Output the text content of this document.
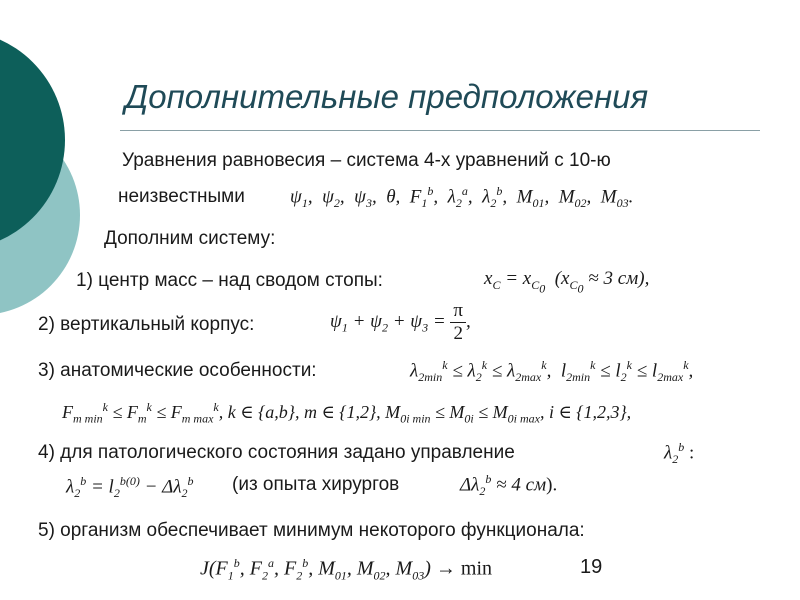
Дополнительные предположения
Уравнения равновесия – система 4-х уравнений с 10-ю
неизвестными $\psi_1$,  $\psi_2$,  $\psi_3$,  θ,  $F_1^b$,  $\lambda_2^a$,  $\lambda_2^b$,  $M_{01}$,  $M_{02}$,  $M_{03}$.
Дополним систему:
1) центр масс – над сводом стопы:	$x_C = x_{C_0}$  ($x_{C_0} \approx 3$ см),
2) вертикальный корпус:	$\psi_1 + \psi_2 + \psi_3 = \frac{\pi}{2}$ ,
3) анатомические особенности:	$\lambda_{2min}^k \le \lambda_2^k \le \lambda_{2max}^k$,  $l_{2min}^k \le l_2^k \le l_{2max}^k$,
$F_{m min}^k \le F_m^k \le F_{m max}^k$, k ∈ {a,b}, m ∈ {1,2}, $M_{0i min} \le M_{0i} \le M_{0i max}$, i ∈ {1,2,3},
4) для патологического состояния задано управление	$\lambda_2^b$ :
$\lambda_2^b = l_2^{b(0)} - \Delta\lambda_2^b$ (из опыта хирургов	$\Delta\lambda_2^b \approx 4$ см).
5) организм обеспечивает минимум некоторого функционала:
$J(F_1^b$, $F_2^a$, $F_2^b$, $M_{01}$, $M_{02}$, $M_{03}) \to \min$	19
